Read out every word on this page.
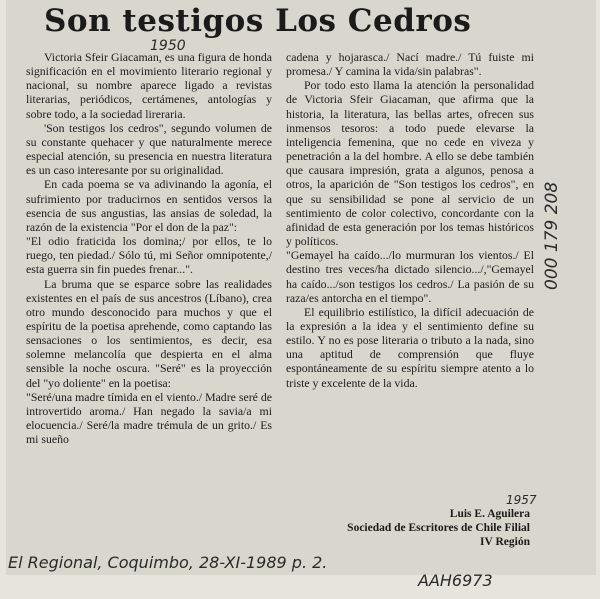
Son testigos Los Cedros
1950

Victoria Sfeir Giacaman, es una figura de honda significación en el movimiento literario regional y nacional, su nombre aparece ligado a revistas literarias, periódicos, certámenes, antologías y sobre todo, a la sociedad lireraria.

'Son testigos los cedros", segundo volumen de su constante quehacer y que naturalmente merece especial atención, su presencia en nuestra literatura es un caso interesante por su originalidad.

En cada poema se va adivinando la agonía, el sufrimiento por traducirnos en sentidos versos la esencia de sus angustias, las ansias de soledad, la razón de la existencia "Por el don de la paz":

"El odio fraticida los domina;/ por ellos, te lo ruego, ten piedad./ Sólo tú, mi Señor omnipotente,/ esta guerra sin fin puedes frenar...".

La bruma que se esparce sobre las realidades existentes en el país de sus ancestros (Líbano), crea otro mundo desconocido para muchos y que el espíritu de la poetisa aprehende, como captando las sensaciones o los sentimientos, es decir, esa solemne melancolía que despierta en el alma sensible la noche oscura. "Seré" es la proyección del "yo doliente" en la poetisa:

"Seré/una madre tímida en el viento./ Madre seré de introvertido aroma./ Han negado la savia/a mi elocuencia./ Seré/la madre trémula de un grito./ Es mi sueño

cadena y hojarasca./ Nací madre./ Tú fuiste mi promesa./ Y camina la vida/sin palabras".

Por todo esto llama la atención la personalidad de Victoria Sfeir Giacaman, que afirma que la historia, la literatura, las bellas artes, ofrecen sus inmensos tesoros: a todo puede elevarse la inteligencia femenina, que no cede en viveza y penetración a la del hombre. A ello se debe también que causara impresión, grata a algunos, penosa a otros, la aparición de "Son testigos los cedros", en que su sensibilidad se pone al servicio de un sentimiento de color colectivo, concordante con la afinidad de esta generación por los temas históricos y políticos.

"Gemayel ha caído.../lo murmuran los vientos./ El destino tres veces/ha dictado silencio.../,"Gemayel ha caído.../son testigos los cedros./ La pasión de su raza/es antorcha en el tiempo".

El equilibrio estilístico, la difícil adecuación de la expresión a la idea y el sentimiento define su estilo. Y no es pose literaria o tributo a la nada, sino una aptitud de comprensión que fluye espontáneamente de su espíritu siempre atento a lo triste y excelente de la vida.

1957
Luis E. Aguilera
Sociedad de Escritores de Chile Filial
IV Región
000 179 208
El Regional, Coquimbo, 28-XI-1989 p. 2.
AAH6973
